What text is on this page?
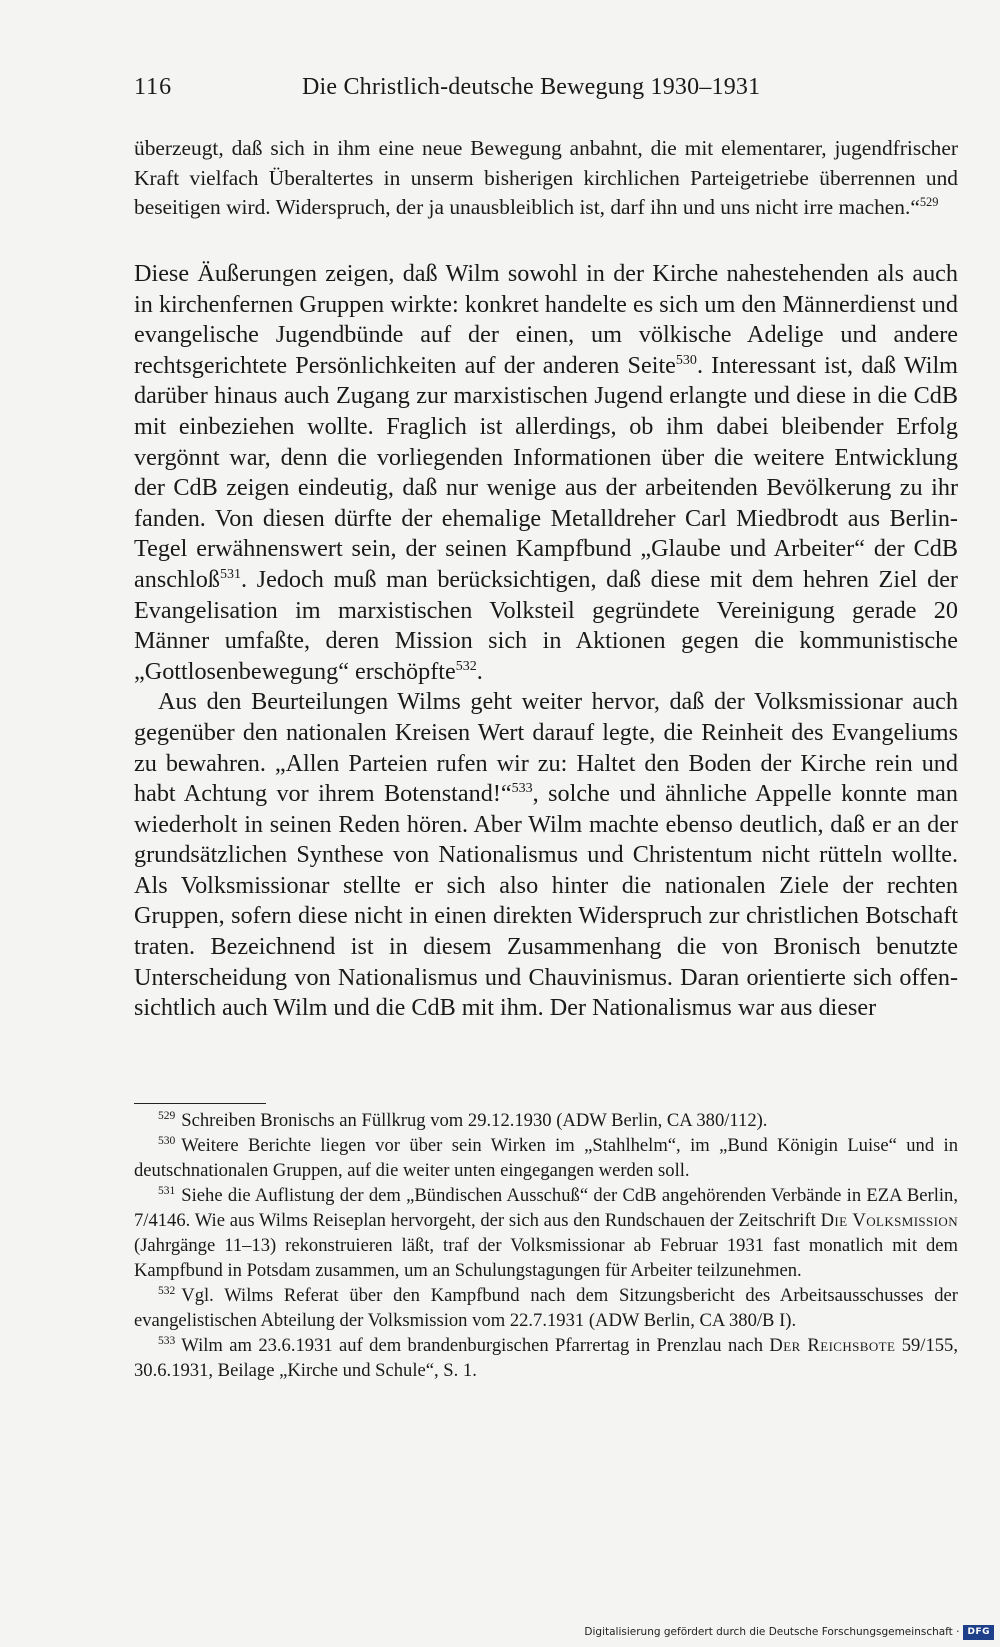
116	Die Christlich-deutsche Bewegung 1930–1931

überzeugt, daß sich in ihm eine neue Bewegung anbahnt, die mit elementarer, jugendfrischer Kraft vielfach Überaltertes in unserm bisherigen kirchlichen Parteigetriebe überrennen und beseitigen wird. Widerspruch, der ja unausbleiblich ist, darf ihn und uns nicht irre machen.“$^{529}$

Diese Äußerungen zeigen, daß Wilm sowohl in der Kirche nahestehenden als auch in kirchenfernen Gruppen wirkte: konkret handelte es sich um den Männerdienst und evangelische Jugendbünde auf der einen, um völkische Adelige und andere rechtsgerichtete Persönlichkeiten auf der anderen Seite$^{530}$. Interessant ist, daß Wilm darüber hinaus auch Zugang zur marxistischen Jugend erlangte und diese in die CdB mit einbeziehen wollte. Fraglich ist allerdings, ob ihm dabei bleibender Erfolg vergönnt war, denn die vorliegenden Informationen über die weitere Entwicklung der CdB zeigen eindeutig, daß nur wenige aus der arbeitenden Bevölkerung zu ihr fanden. Von diesen dürfte der ehemalige Metalldreher Carl Miedbrodt aus Berlin-Tegel erwähnenswert sein, der seinen Kampfbund „Glaube und Arbeiter“ der CdB anschloß$^{531}$. Jedoch muß man berücksichtigen, daß diese mit dem hehren Ziel der Evangelisation im marxistischen Volksteil gegründete Vereinigung gerade 20 Männer umfaßte, deren Mission sich in Aktionen gegen die kommunistische „Gottlosenbewegung“ erschöpfte$^{532}$.

Aus den Beurteilungen Wilms geht weiter hervor, daß der Volksmissionar auch gegenüber den nationalen Kreisen Wert darauf legte, die Reinheit des Evangeliums zu bewahren. „Allen Parteien rufen wir zu: Haltet den Boden der Kirche rein und habt Achtung vor ihrem Botenstand!“$^{533}$, solche und ähnliche Appelle konnte man wiederholt in seinen Reden hören. Aber Wilm machte ebenso deutlich, daß er an der grundsätzlichen Synthese von Nationalismus und Christentum nicht rütteln wollte. Als Volksmissionar stellte er sich also hinter die nationalen Ziele der rechten Gruppen, sofern diese nicht in einen direkten Widerspruch zur christlichen Botschaft traten. Bezeichnend ist in diesem Zusammenhang die von Bronisch benutzte Unterscheidung von Nationalismus und Chauvinismus. Daran orientierte sich offensichtlich auch Wilm und die CdB mit ihm. Der Nationalismus war aus dieser

$^{529}$ Schreiben Bronischs an Füllkrug vom 29.12.1930 (ADW Berlin, CA 380/112).

$^{530}$ Weitere Berichte liegen vor über sein Wirken im „Stahlhelm“, im „Bund Königin Luise“ und in deutschnationalen Gruppen, auf die weiter unten eingegangen werden soll.

$^{531}$ Siehe die Auflistung der dem „Bündischen Ausschuß“ der CdB angehörenden Verbände in EZA Berlin, 7/4146. Wie aus Wilms Reiseplan hervorgeht, der sich aus den Rundschauen der Zeitschrift Die Volksmission (Jahrgänge 11–13) rekonstruieren läßt, traf der Volksmissionar ab Februar 1931 fast monatlich mit dem Kampfbund in Potsdam zusammen, um an Schulungstagungen für Arbeiter teilzunehmen.

$^{532}$ Vgl. Wilms Referat über den Kampfbund nach dem Sitzungsbericht des Arbeitsausschusses der evangelistischen Abteilung der Volksmission vom 22.7.1931 (ADW Berlin, CA 380/B I).

$^{533}$ Wilm am 23.6.1931 auf dem brandenburgischen Pfarrertag in Prenzlau nach Der Reichsbote 59/155, 30.6.1931, Beilage „Kirche und Schule“, S. 1.

Digitalisierung gefördert durch die Deutsche Forschungsgemeinschaft · DFG
